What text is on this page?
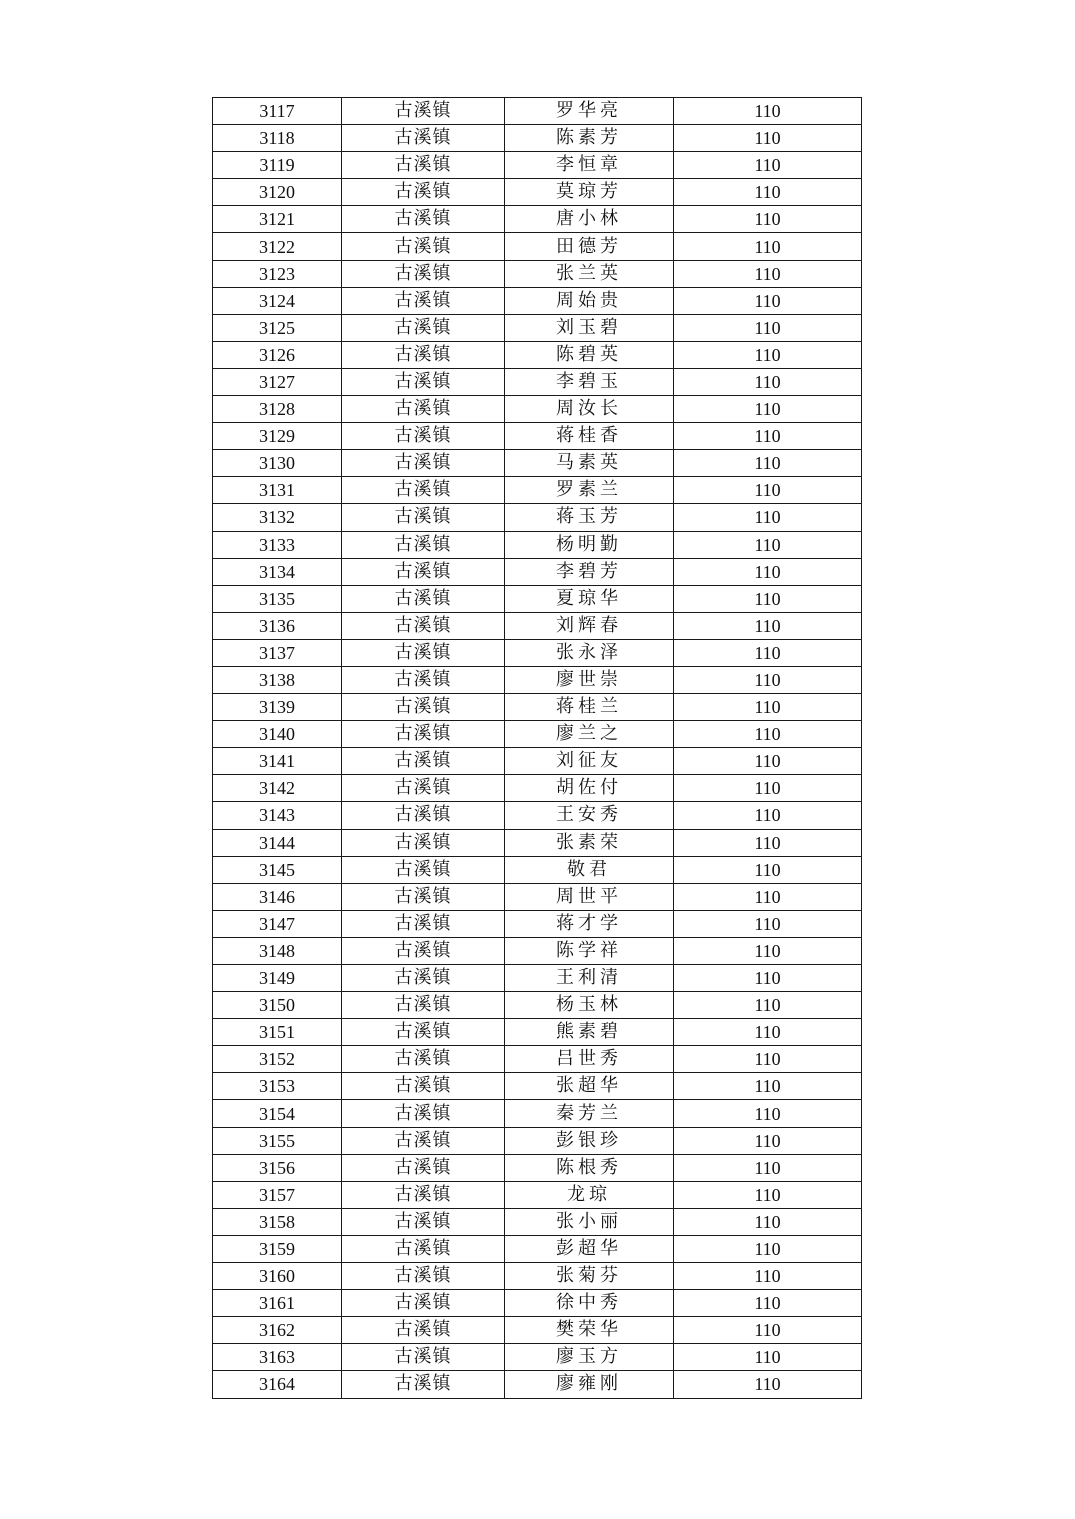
3117	古溪镇	罗华亮	110
3118	古溪镇	陈素芳	110
3119	古溪镇	李恒章	110
3120	古溪镇	莫琼芳	110
3121	古溪镇	唐小林	110
3122	古溪镇	田德芳	110
3123	古溪镇	张兰英	110
3124	古溪镇	周始贵	110
3125	古溪镇	刘玉碧	110
3126	古溪镇	陈碧英	110
3127	古溪镇	李碧玉	110
3128	古溪镇	周汝长	110
3129	古溪镇	蒋桂香	110
3130	古溪镇	马素英	110
3131	古溪镇	罗素兰	110
3132	古溪镇	蒋玉芳	110
3133	古溪镇	杨明勤	110
3134	古溪镇	李碧芳	110
3135	古溪镇	夏琼华	110
3136	古溪镇	刘辉春	110
3137	古溪镇	张永泽	110
3138	古溪镇	廖世崇	110
3139	古溪镇	蒋桂兰	110
3140	古溪镇	廖兰之	110
3141	古溪镇	刘征友	110
3142	古溪镇	胡佐付	110
3143	古溪镇	王安秀	110
3144	古溪镇	张素荣	110
3145	古溪镇	敬君	110
3146	古溪镇	周世平	110
3147	古溪镇	蒋才学	110
3148	古溪镇	陈学祥	110
3149	古溪镇	王利清	110
3150	古溪镇	杨玉林	110
3151	古溪镇	熊素碧	110
3152	古溪镇	吕世秀	110
3153	古溪镇	张超华	110
3154	古溪镇	秦芳兰	110
3155	古溪镇	彭银珍	110
3156	古溪镇	陈根秀	110
3157	古溪镇	龙琼	110
3158	古溪镇	张小丽	110
3159	古溪镇	彭超华	110
3160	古溪镇	张菊芬	110
3161	古溪镇	徐中秀	110
3162	古溪镇	樊荣华	110
3163	古溪镇	廖玉方	110
3164	古溪镇	廖雍刚	110
